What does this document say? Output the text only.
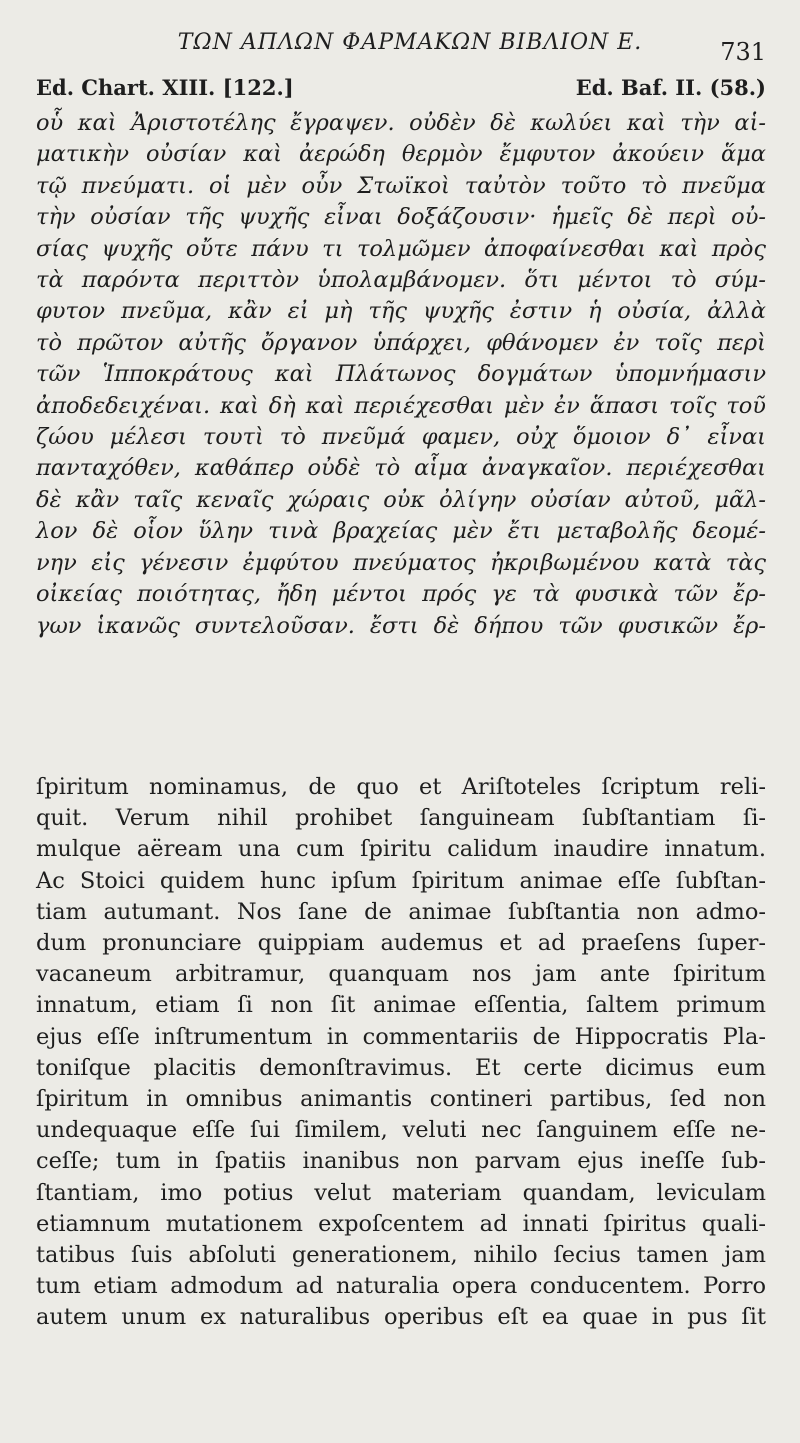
ΤΩΝ ΑΠΛΩΝ ΦΑΡΜΑΚΩΝ ΒΙΒΛΙΟΝ Ε.	731
Ed. Chart. XIII. [122.]	Ed. Baf. II. (58.)
οὗ καὶ Ἀριστοτέλης ἔγραψεν. οὐδὲν δὲ κωλύει καὶ τὴν αἱ-
ματικὴν οὐσίαν καὶ ἀερώδη θερμὸν ἔμφυτον ἀκούειν ἅμα
τῷ πνεύματι. οἱ μὲν οὖν Στωϊκοὶ ταὐτὸν τοῦτο τὸ πνεῦμα
τὴν οὐσίαν τῆς ψυχῆς εἶναι δοξάζουσιν· ἡμεῖς δὲ περὶ οὐ-
σίας ψυχῆς οὔτε πάνυ τι τολμῶμεν ἀποφαίνεσθαι καὶ πρὸς
τὰ παρόντα περιττὸν ὑπολαμβάνομεν. ὅτι μέντοι τὸ σύμ-
φυτον πνεῦμα, κἂν εἰ μὴ τῆς ψυχῆς ἐστιν ἡ οὐσία, ἀλλὰ
τὸ πρῶτον αὐτῆς ὄργανον ὑπάρχει, φθάνομεν ἐν τοῖς περὶ
τῶν Ἱπποκράτους καὶ Πλάτωνος δογμάτων ὑπομνήμασιν
ἀποδεδειχέναι. καὶ δὴ καὶ περιέχεσθαι μὲν ἐν ἅπασι τοῖς τοῦ
ζώου μέλεσι τουτὶ τὸ πνεῦμά φαμεν, οὐχ ὅμοιον δ᾽ εἶναι
πανταχόθεν, καθάπερ οὐδὲ τὸ αἷμα ἀναγκαῖον. περιέχεσθαι
δὲ κἂν ταῖς κεναῖς χώραις οὐκ ὀλίγην οὐσίαν αὐτοῦ, μᾶλ-
λον δὲ οἷον ὕλην τινὰ βραχείας μὲν ἔτι μεταβολῆς δεομέ-
νην εἰς γένεσιν ἐμφύτου πνεύματος ἠκριβωμένου κατὰ τὰς
οἰκείας ποιότητας, ἤδη μέντοι πρός γε τὰ φυσικὰ τῶν ἔρ-
γων ἱκανῶς συντελοῦσαν. ἔστι δὲ δήπου τῶν φυσικῶν ἔρ-
ſpiritum nominamus, de quo et Ariſtoteles ſcriptum reli-
quit. Verum nihil prohibet ſanguineam ſubſtantiam ſi-
mulque aëream una cum ſpiritu calidum inaudire innatum.
Ac Stoici quidem hunc ipſum ſpiritum animae eſſe ſubſtan-
tiam autumant. Nos ſane de animae ſubſtantia non admo-
dum pronunciare quippiam audemus et ad praeſens ſuper-
vacaneum arbitramur, quanquam nos jam ante ſpiritum
innatum, etiam ſi non ſit animae eſſentia, ſaltem primum
ejus eſſe inſtrumentum in commentariis de Hippocratis Pla-
toniſque placitis demonſtravimus. Et certe dicimus eum
ſpiritum in omnibus animantis contineri partibus, ſed non
undequaque eſſe ſui ſimilem, veluti nec ſanguinem eſſe ne-
ceſſe; tum in ſpatiis inanibus non parvam ejus ineſſe ſub-
ſtantiam, imo potius velut materiam quandam, leviculam
etiamnum mutationem expoſcentem ad innati ſpiritus quali-
tatibus ſuis abſoluti generationem, nihilo ſecius tamen jam
tum etiam admodum ad naturalia opera conducentem. Porro
autem unum ex naturalibus operibus eſt ea quae in pus ſit
